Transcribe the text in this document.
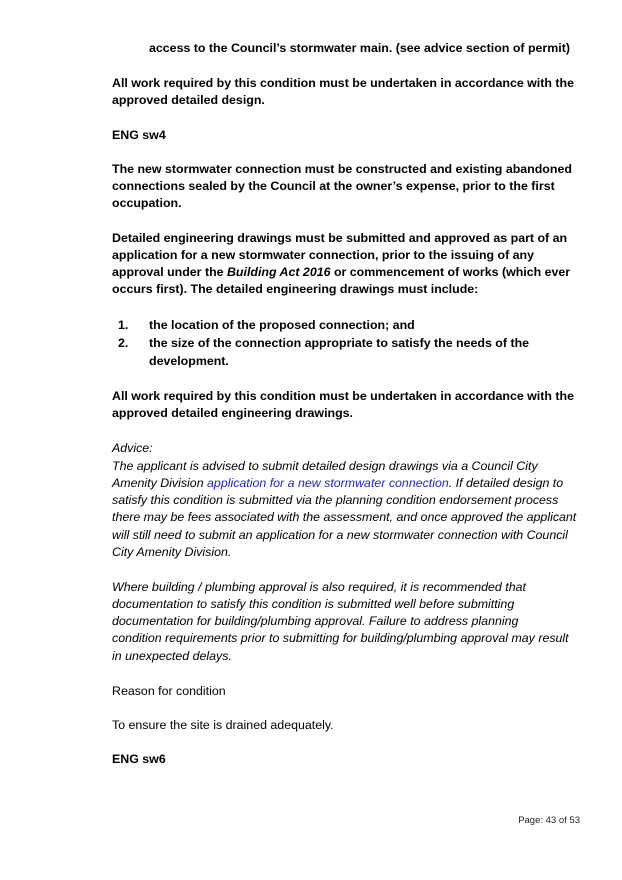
access to the Council’s stormwater main. (see advice section of permit)
All work required by this condition must be undertaken in accordance with the
approved detailed design.
ENG sw4
The new stormwater connection must be constructed and existing abandoned
connections sealed by the Council at the owner’s expense, prior to the first
occupation.
Detailed engineering drawings must be submitted and approved as part of an
application for a new stormwater connection, prior to the issuing of any
approval under the Building Act 2016 or commencement of works (which ever
occurs first). The detailed engineering drawings must include:
1. the location of the proposed connection; and
2. the size of the connection appropriate to satisfy the needs of the
development.
All work required by this condition must be undertaken in accordance with the
approved detailed engineering drawings.
Advice:
The applicant is advised to submit detailed design drawings via a Council City
Amenity Division application for a new stormwater connection. If detailed design to
satisfy this condition is submitted via the planning condition endorsement process
there may be fees associated with the assessment, and once approved the applicant
will still need to submit an application for a new stormwater connection with Council
City Amenity Division.
Where building / plumbing approval is also required, it is recommended that
documentation to satisfy this condition is submitted well before submitting
documentation for building/plumbing approval. Failure to address planning
condition requirements prior to submitting for building/plumbing approval may result
in unexpected delays.
Reason for condition
To ensure the site is drained adequately.
ENG sw6
Page: 43 of 53
